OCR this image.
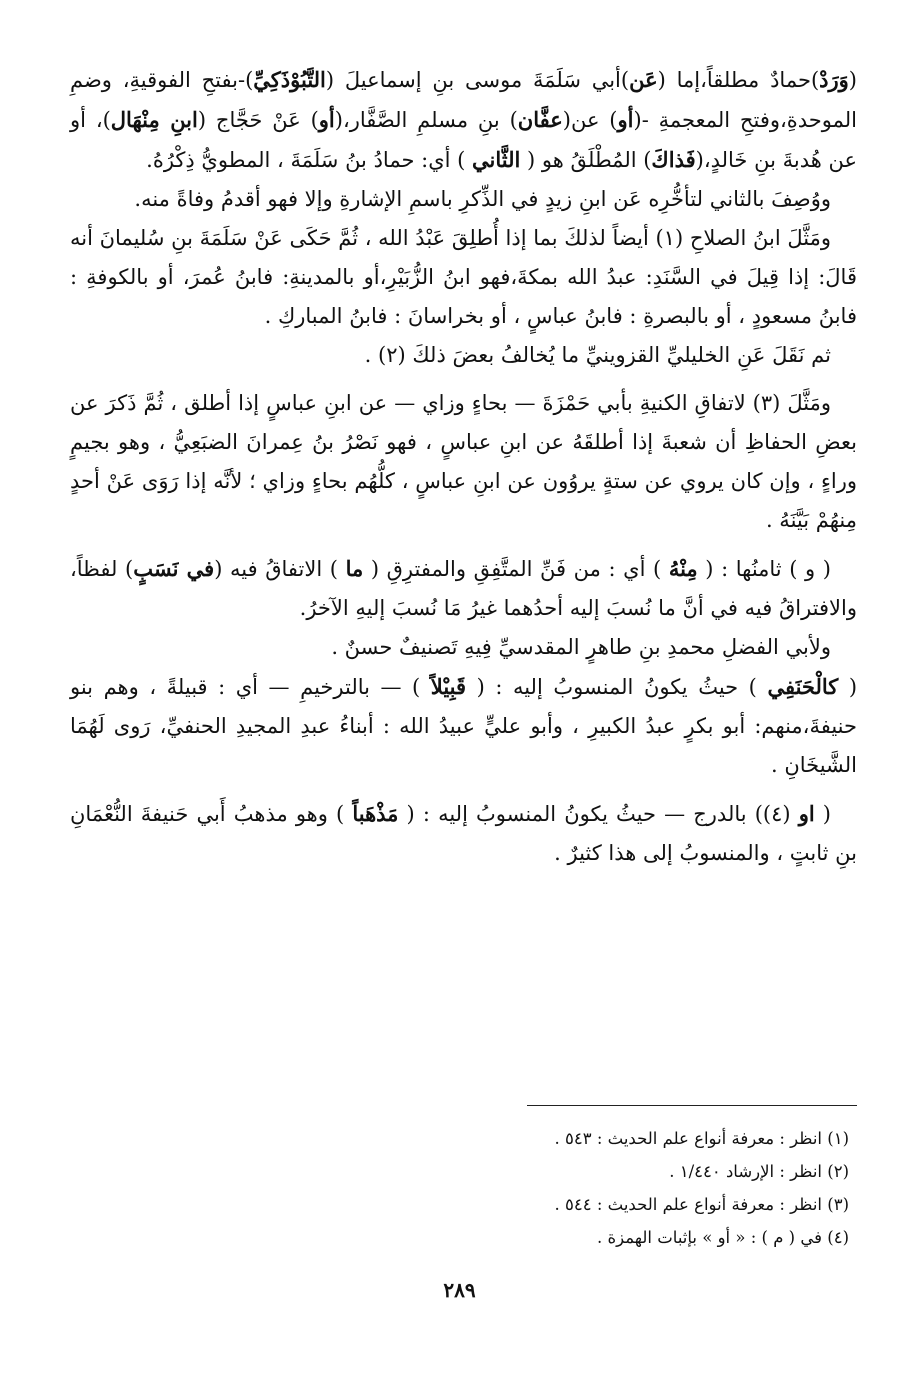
(وَرَدْ)حمادٌ مطلقاً،إما (عَن)أبي سَلَمَةَ موسى بنِ إسماعيلَ (التَّبُوْذَكِيِّ)-بفتحِ الفوقيةِ، وضمِ الموحدةِ،وفتحِ المعجمةِ -(أو) عن(عفَّان) بنِ مسلمِ الصَّفَّار،(أو) عَنْ حَجَّاج (ابنِ مِنْهَال)، أو عن هُدبةَ بنِ خَالدٍ،(فَذاكَ) المُطْلَقُ هو ( الثَّاني ) أي: حمادُ بنُ سَلَمَةَ ، المطويُّ ذِكْرُهُ.

ووُصِفَ بالثاني لتأخُّرِه عَن ابنِ زيدٍ في الذِّكرِ باسمِ الإشارةِ وإلا فهو أقدمُ وفاةً منه.

ومَثَّلَ ابنُ الصلاحِ (١) أيضاً لذلكَ بما إذا أُطلِقَ عَبْدُ الله ، ثُمَّ حَكَى عَنْ سَلَمَةَ بنِ سُليمانَ أنه قَالَ: إذا قِيلَ في السَّنَدِ: عبدُ الله بمكةَ،فهو ابنُ الزُّبَيْرِ،أو بالمدينةِ: فابنُ عُمرَ، أو بالكوفةِ : فابنُ مسعودٍ ، أو بالبصرةِ : فابنُ عباسٍ ، أو بخراسانَ : فابنُ المباركِ .

ثم نَقَلَ عَنِ الخليليِّ القزوينيِّ ما يُخالفُ بعضَ ذلكَ (٢) .

ومَثَّلَ (٣) لاتفاقِ الكنيةِ بأبي حَمْزَةَ — بحاءٍ وزاي — عن ابنِ عباسٍ إذا أطلق ، ثُمَّ ذَكرَ عن بعضِ الحفاظِ أن شعبةَ إذا أطلقَهُ عن ابنِ عباسٍ ، فهو نَصْرُ بنُ عِمرانَ الضبَعِيُّ ، وهو بجيمٍ وراءٍ ، وإن كان يروي عن ستةٍ يروُون عن ابنِ عباسٍ ، كلُّهُم بحاءٍ وزاي ؛ لأنَّه إذا رَوَى عَنْ أحدٍ مِنهُمْ بَيَّنَهُ .

( و ) ثامنُها : ( مِنْهُ ) أي : من فَنِّ المتَّفِقِ والمفترِقِ ( ما ) الاتفاقُ فيه (في نَسَبٍ) لفظاً، والافتراقُ فيه في أنَّ ما نُسبَ إليه أحدُهما غيرُ مَا نُسبَ إليهِ الآخرُ.

ولأبي الفضلِ محمدِ بنِ طاهرٍ المقدسيِّ فِيهِ تَصنيفٌ حسنٌ .

( كالْحَنَفِي ) حيثُ يكونُ المنسوبُ إليه : ( قَبِيْلاً ) — بالترخيمِ — أي : قبيلةً ، وهم بنو حنيفةَ،منهم: أبو بكرٍ عبدُ الكبيرِ ، وأبو عليٍّ عبيدُ الله : أبناءُ عبدِ المجيدِ الحنفيِّ، رَوى لَهُمَا الشَّيخَانِ .

( او (٤)) بالدرج — حيثُ يكونُ المنسوبُ إليه : ( مَذْهَباً ) وهو مذهبُ أَبي حَنيفةَ النُّعْمَانِ بنِ ثابتٍ ، والمنسوبُ إلى هذا كثيرٌ .

(١) انظر : معرفة أنواع علم الحديث : ٥٤٣ .

(٢) انظر : الإرشاد ١/٤٤٠ .

(٣) انظر : معرفة أنواع علم الحديث : ٥٤٤ .

(٤) في ( م ) : « أو » بإثبات الهمزة .

٢٨٩
